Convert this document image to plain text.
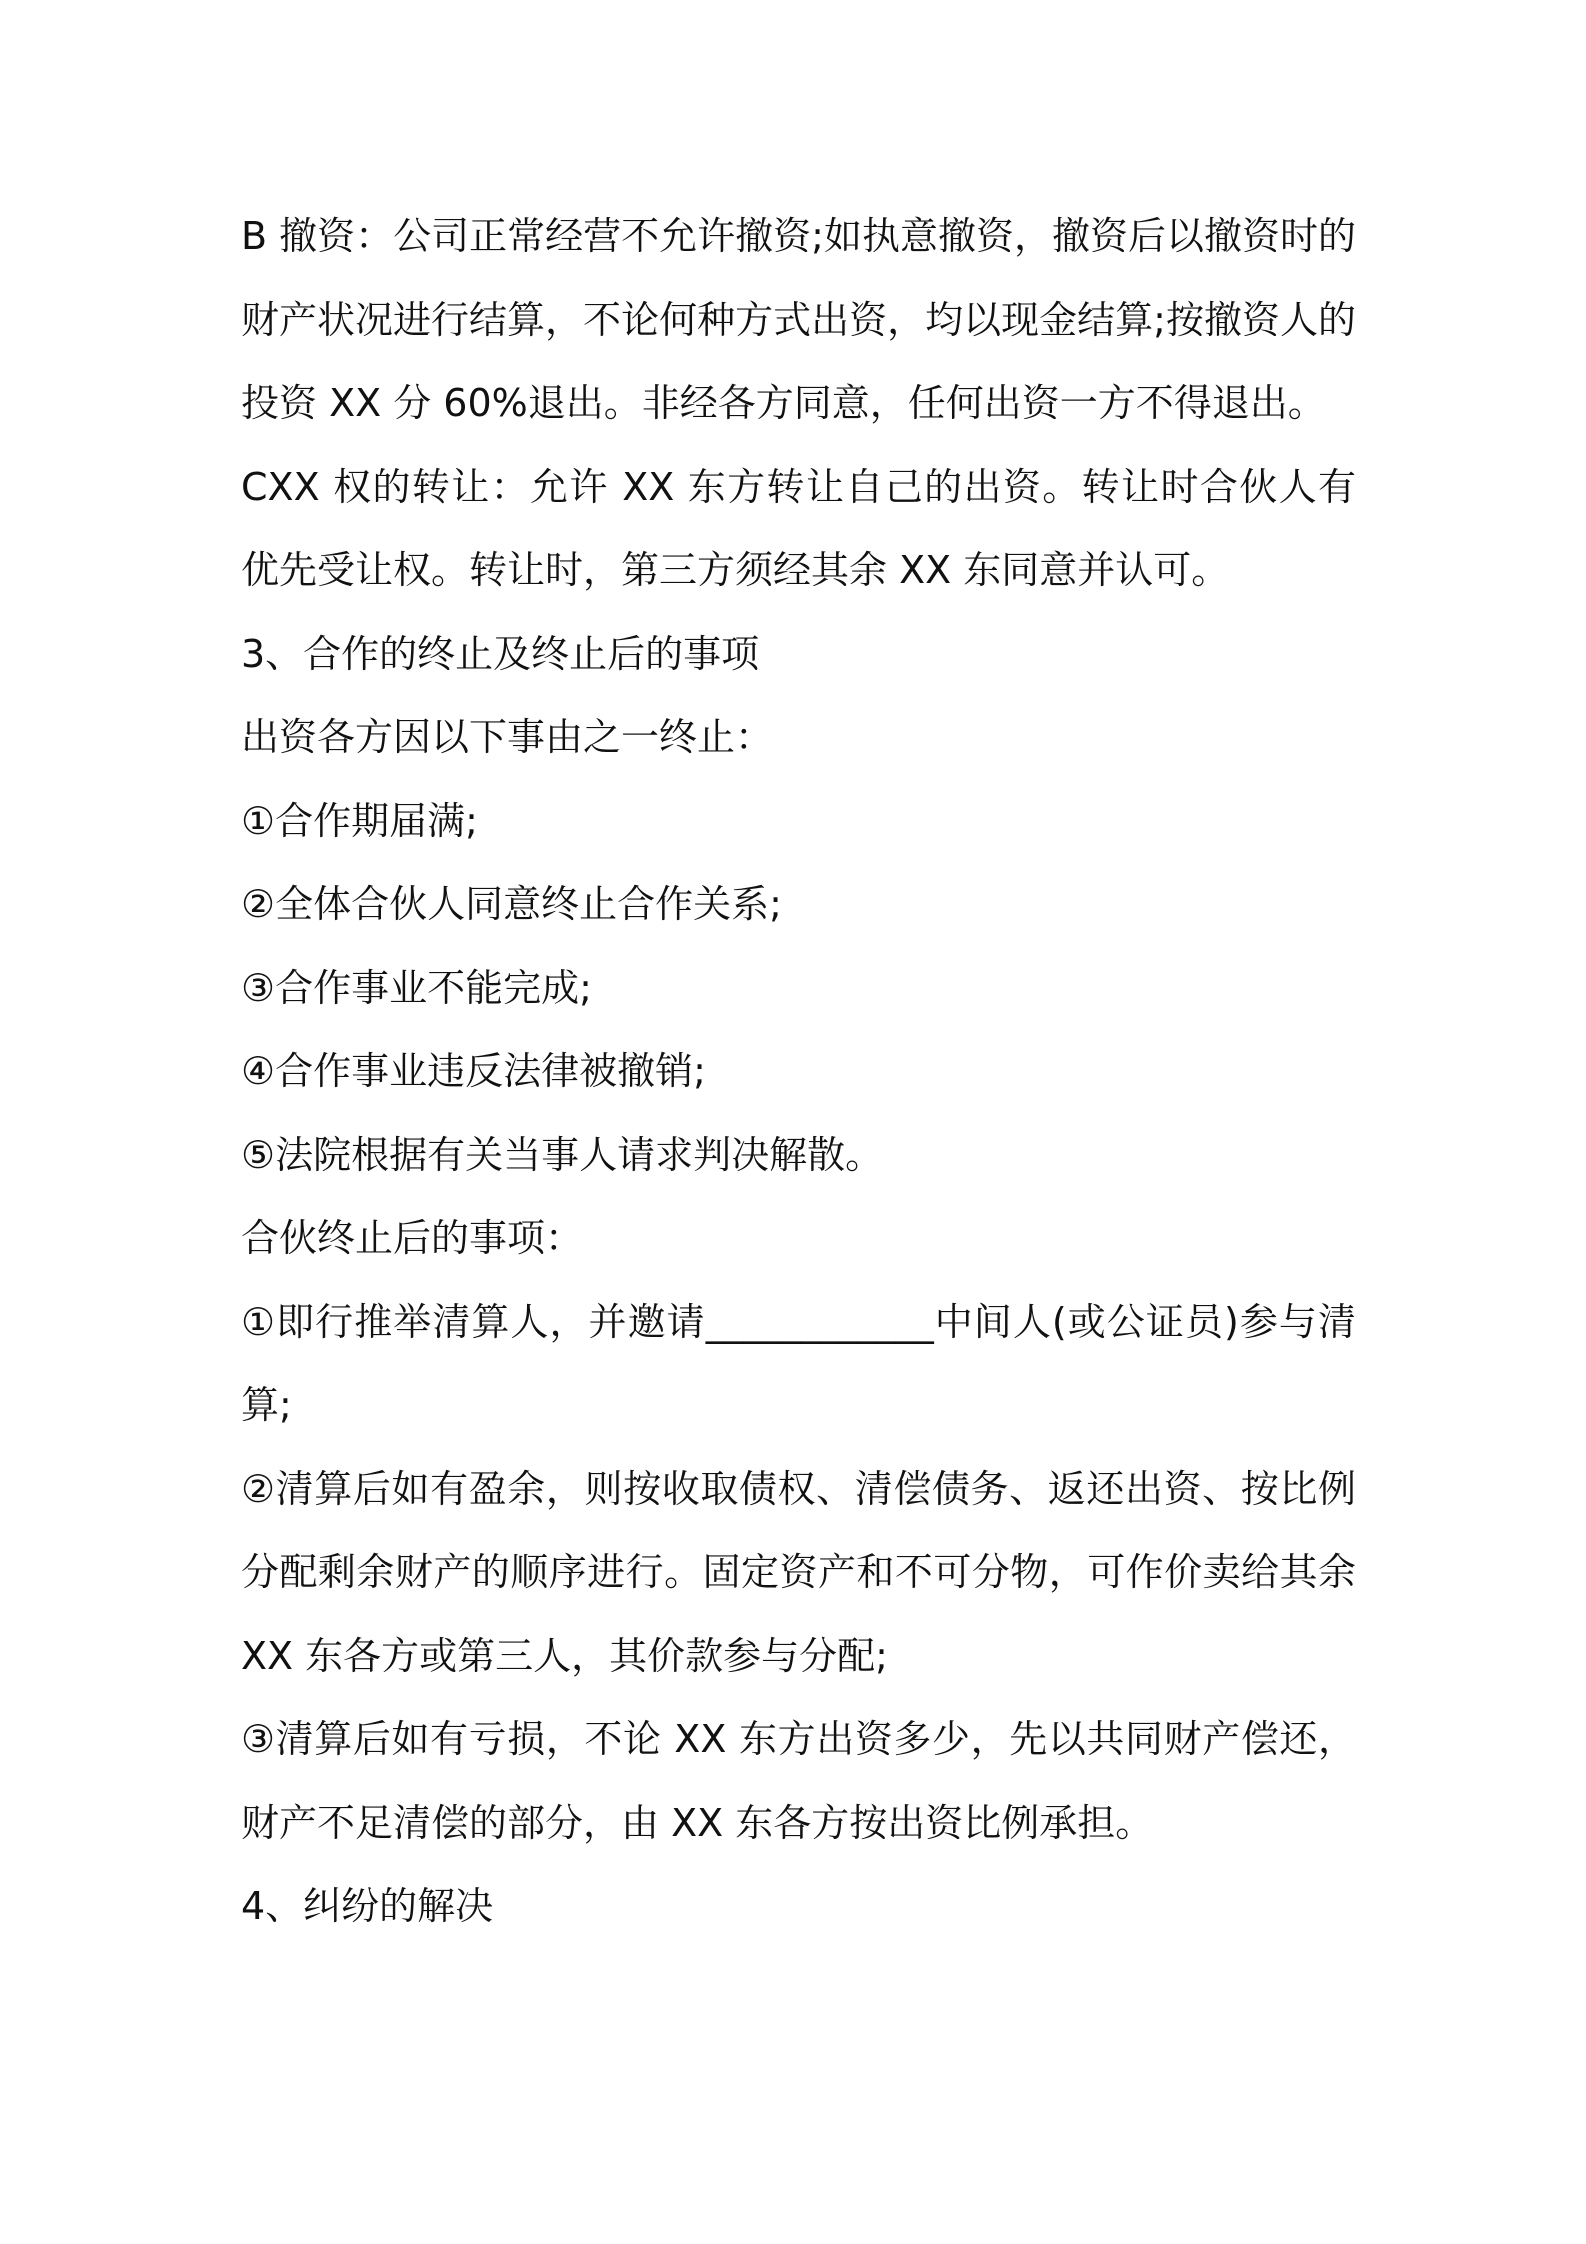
B 撤资：公司正常经营不允许撤资;如执意撤资，撤资后以撤资时的财产状况进行结算，不论何种方式出资，均以现金结算;按撤资人的投资 XX 分 60%退出。非经各方同意，任何出资一方不得退出。

CXX 权的转让：允许 XX 东方转让自己的出资。转让时合伙人有优先受让权。转让时，第三方须经其余 XX 东同意并认可。

3、合作的终止及终止后的事项

出资各方因以下事由之一终止：

①合作期届满;

②全体合伙人同意终止合作关系;

③合作事业不能完成;

④合作事业违反法律被撤销;

⑤法院根据有关当事人请求判决解散。

合伙终止后的事项：

①即行推举清算人，并邀请____________中间人(或公证员)参与清算;

②清算后如有盈余，则按收取债权、清偿债务、返还出资、按比例分配剩余财产的顺序进行。固定资产和不可分物，可作价卖给其余 XX 东各方或第三人，其价款参与分配;

③清算后如有亏损，不论 XX 东方出资多少，先以共同财产偿还，财产不足清偿的部分，由 XX 东各方按出资比例承担。

4、纠纷的解决
